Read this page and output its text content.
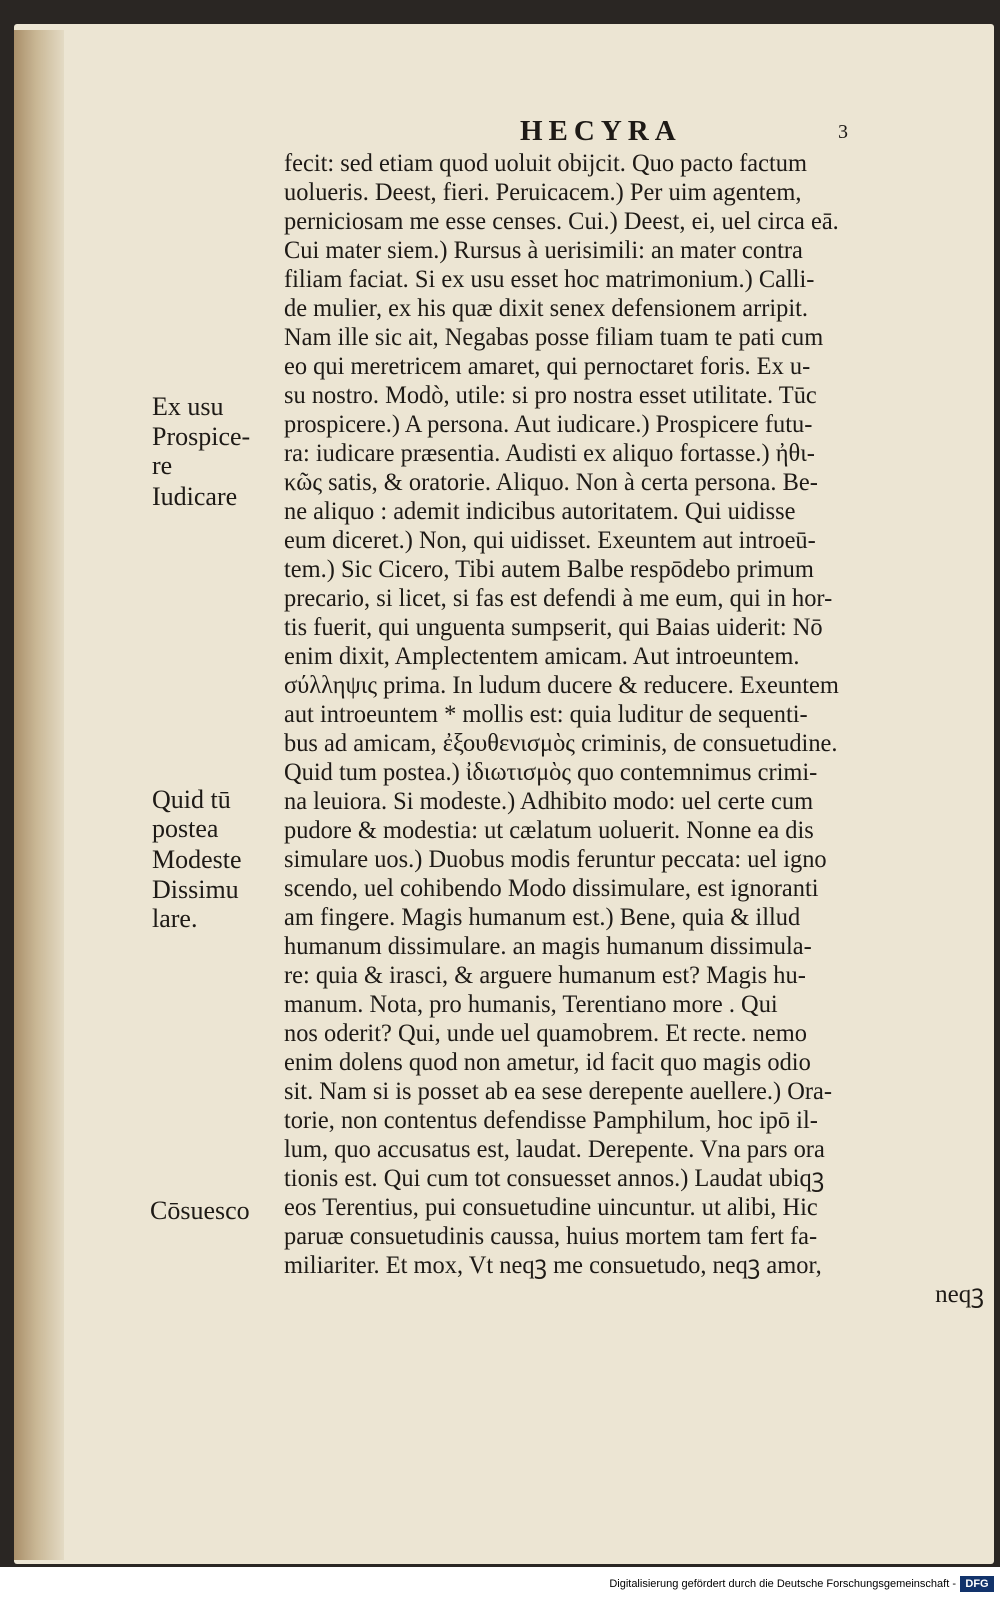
HECYRA	3
Ex usu
Prospice-
re
Iudicare
Quid tū
postea
Modeste
Dissimu
lare.
Cōsuesco
fecit: sed etiam quod uoluit obijcit. Quo pacto factum
uolueris. Deest, fieri. Peruicacem.) Per uim agentem,
perniciosam me esse censes. Cui.) Deest, ei, uel circa eā.
Cui mater siem.) Rursus à uerisimili: an mater contra
filiam faciat. Si ex usu esset hoc matrimonium.) Calli-
de mulier, ex his quæ dixit senex defensionem arripit.
Nam ille sic ait, Negabas posse filiam tuam te pati cum
eo qui meretricem amaret, qui pernoctaret foris. Ex u-
su nostro. Modò, utile: si pro nostra esset utilitate. Tūc
prospicere.) A persona. Aut iudicare.) Prospicere futu-
ra: iudicare præsentia. Audisti ex aliquo fortasse.) ἠθι-
κῶς satis, & oratorie. Aliquo. Non à certa persona. Be-
ne aliquo : ademit indicibus autoritatem. Qui uidisse
eum diceret.) Non, qui uidisset. Exeuntem aut introeū-
tem.) Sic Cicero, Tibi autem Balbe respōdebo primum
precario, si licet, si fas est defendi à me eum, qui in hor-
tis fuerit, qui unguenta sumpserit, qui Baias uiderit: Nō
enim dixit, Amplectentem amicam. Aut introeuntem.
σύλληψις prima. In ludum ducere & reducere. Exeuntem
aut introeuntem * mollis est: quia luditur de sequenti-
bus ad amicam, ἐξουθενισμὸς criminis, de consuetudine.
Quid tum postea.) ἰδιωτισμὸς quo contemnimus crimi-
na leuiora. Si modeste.) Adhibito modo: uel certe cum
pudore & modestia: ut cælatum uoluerit. Nonne ea dis
simulare uos.) Duobus modis feruntur peccata: uel igno
scendo, uel cohibendo Modo dissimulare, est ignoranti
am fingere. Magis humanum est.) Bene, quia & illud
humanum dissimulare. an magis humanum dissimula-
re: quia & irasci, & arguere humanum est? Magis hu-
manum. Nota, pro humanis, Terentiano more . Qui
nos oderit? Qui, unde uel quamobrem. Et recte. nemo
enim dolens quod non ametur, id facit quo magis odio
sit. Nam si is posset ab ea sese derepente auellere.) Ora-
torie, non contentus defendisse Pamphilum, hoc ipō il-
lum, quo accusatus est, laudat. Derepente. Vna pars ora
tionis est. Qui cum tot consuesset annos.) Laudat ubiqꝫ
eos Terentius, pui consuetudine uincuntur. ut alibi, Hic
paruæ consuetudinis caussa, huius mortem tam fert fa-
miliariter. Et mox, Vt neqꝫ me consuetudo, neqꝫ amor,
neqꝫ
Digitalisierung gefördert durch die Deutsche Forschungsgemeinschaft - DFG
